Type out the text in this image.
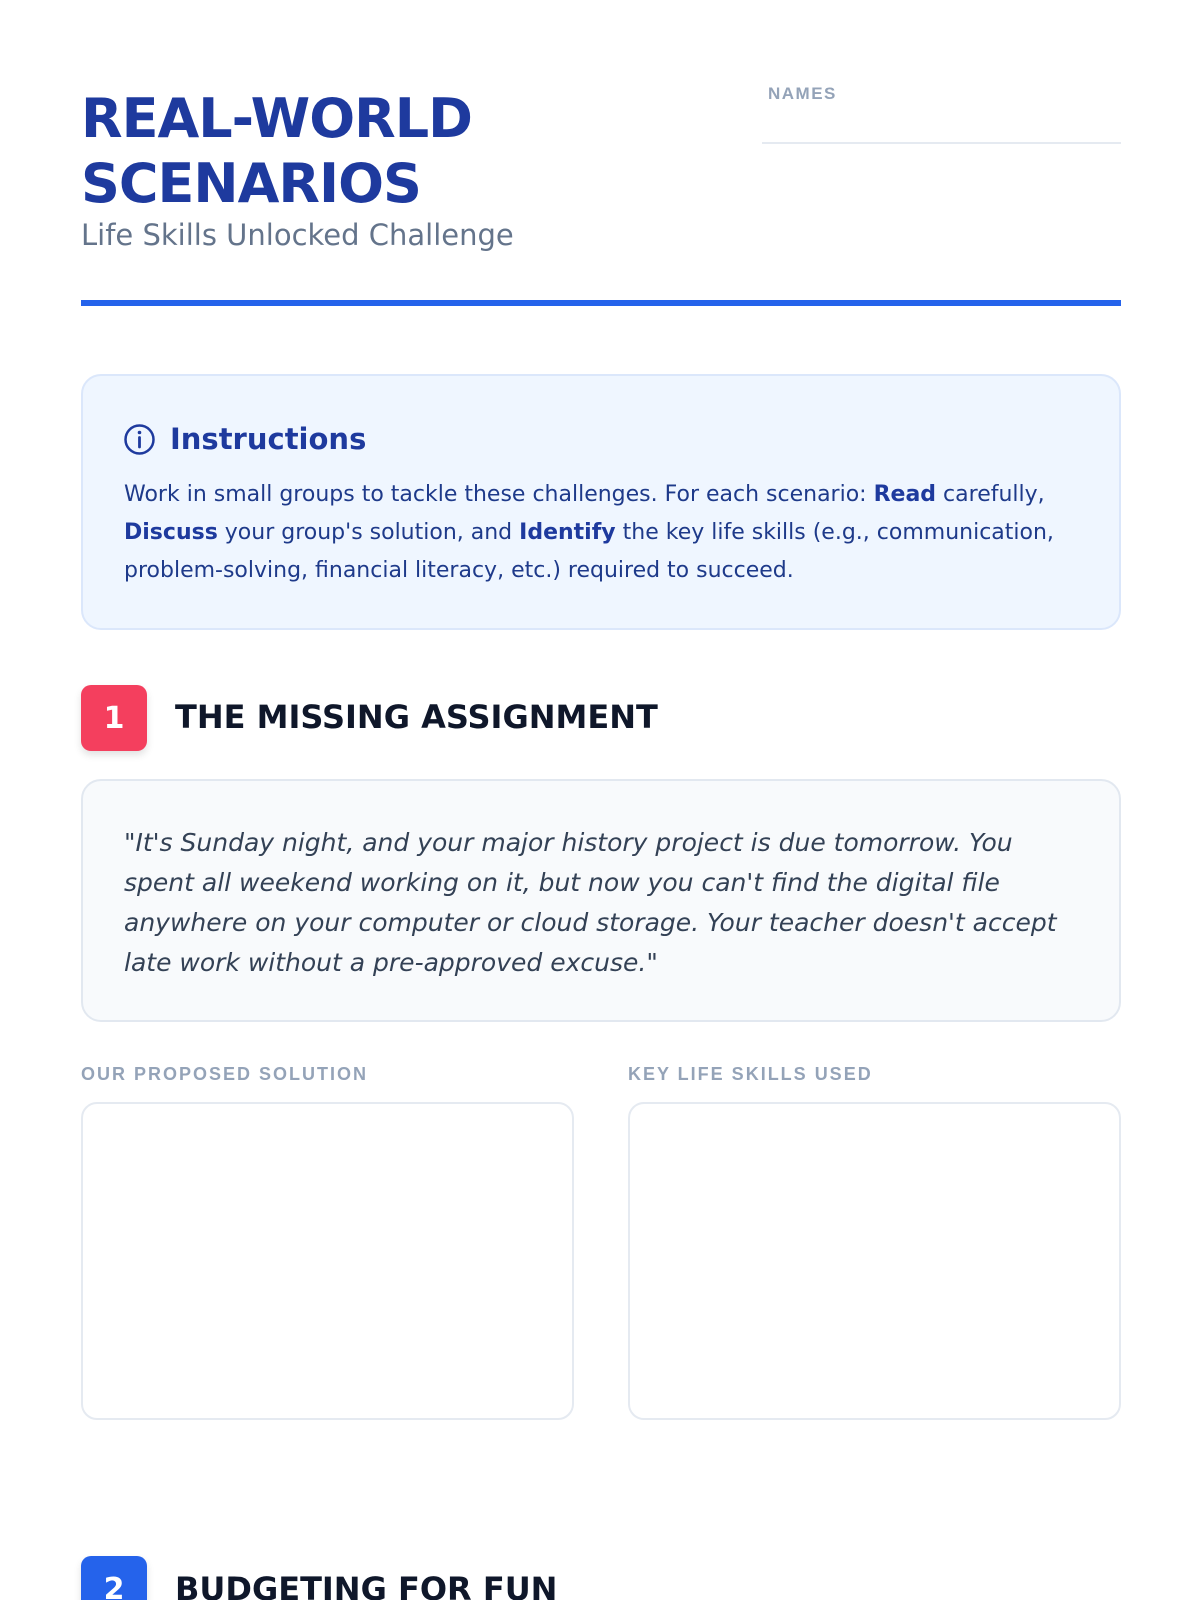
REAL-WORLD
SCENARIOS
Life Skills Unlocked Challenge
NAMES
Instructions
Work in small groups to tackle these challenges. For each scenario: Read carefully, Discuss your group's solution, and Identify the key life skills (e.g., communication, problem-solving, financial literacy, etc.) required to succeed.
1	THE MISSING ASSIGNMENT
"It's Sunday night, and your major history project is due tomorrow. You spent all weekend working on it, but now you can't find the digital file anywhere on your computer or cloud storage. Your teacher doesn't accept late work without a pre-approved excuse."
OUR PROPOSED SOLUTION	KEY LIFE SKILLS USED
2	BUDGETING FOR FUN
